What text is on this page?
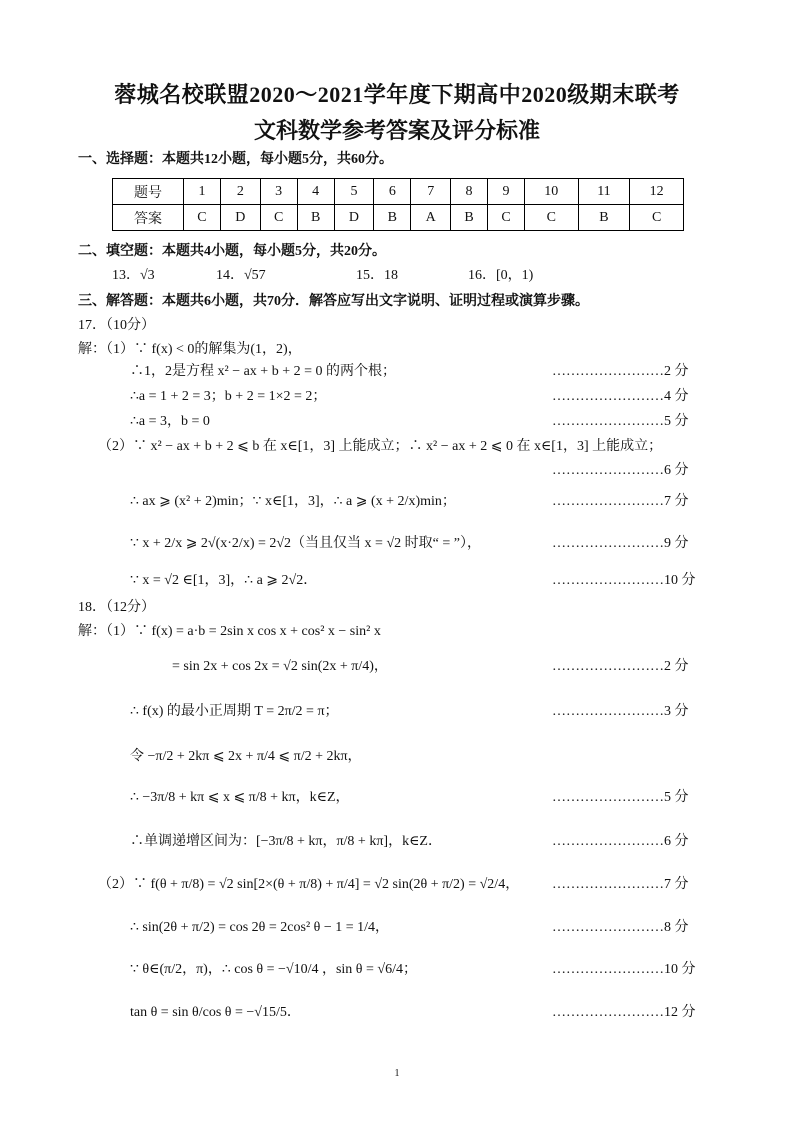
蓉城名校联盟2020～2021学年度下期高中2020级期末联考
文科数学参考答案及评分标准
一、选择题：本题共12小题，每小题5分，共60分。
题号	1	2	3	4	5	6	7	8	9	10	11	12
答案	C	D	C	B	D	B	A	B	C	C	B	C
二、填空题：本题共4小题，每小题5分，共20分。
13．√3	14．√57	15．18	16．[0，1)
三、解答题：本题共6小题，共70分．解答应写出文字说明、证明过程或演算步骤。
17．（10分）
解：（1）∵ f(x) < 0的解集为(1，2)，
∴1，2是方程 x² − ax + b + 2 = 0 的两个根；	……………………2 分
∴a = 1 + 2 = 3；b + 2 = 1×2 = 2；	……………………4 分
∴a = 3，b = 0	……………………5 分
（2）∵ x² − ax + b + 2 ⩽ b 在 x∈[1，3] 上能成立；∴ x² − ax + 2 ⩽ 0 在 x∈[1，3] 上能成立；
……………………6 分
∴ ax ⩾ (x² + 2)min；∵ x∈[1，3]，∴ a ⩾ (x + 2/x)min；	……………………7 分
∵ x + 2/x ⩾ 2√(x·2/x) = 2√2（当且仅当 x = √2 时取“ = ”），	……………………9 分
∵ x = √2 ∈[1，3]，∴ a ⩾ 2√2．	……………………10 分
18．（12分）
解：（1）∵ f(x) = a·b = 2sin x cos x + cos² x − sin² x
= sin 2x + cos 2x = √2 sin(2x + π/4)，	……………………2 分
∴ f(x) 的最小正周期 T = 2π/2 = π；	……………………3 分
令 −π/2 + 2kπ ⩽ 2x + π/4 ⩽ π/2 + 2kπ，
∴ −3π/8 + kπ ⩽ x ⩽ π/8 + kπ，k∈Z，	……………………5 分
∴单调递增区间为：[−3π/8 + kπ，π/8 + kπ]，k∈Z．	……………………6 分
（2）∵ f(θ + π/8) = √2 sin[2×(θ + π/8) + π/4] = √2 sin(2θ + π/2) = √2/4， ……………………7 分
∴ sin(2θ + π/2) = cos 2θ = 2cos² θ − 1 = 1/4，	……………………8 分
∵ θ∈(π/2，π)，∴ cos θ = −√10/4 ，sin θ = √6/4；	……………………10 分
tan θ = sin θ/cos θ = −√15/5．	……………………12 分
1
